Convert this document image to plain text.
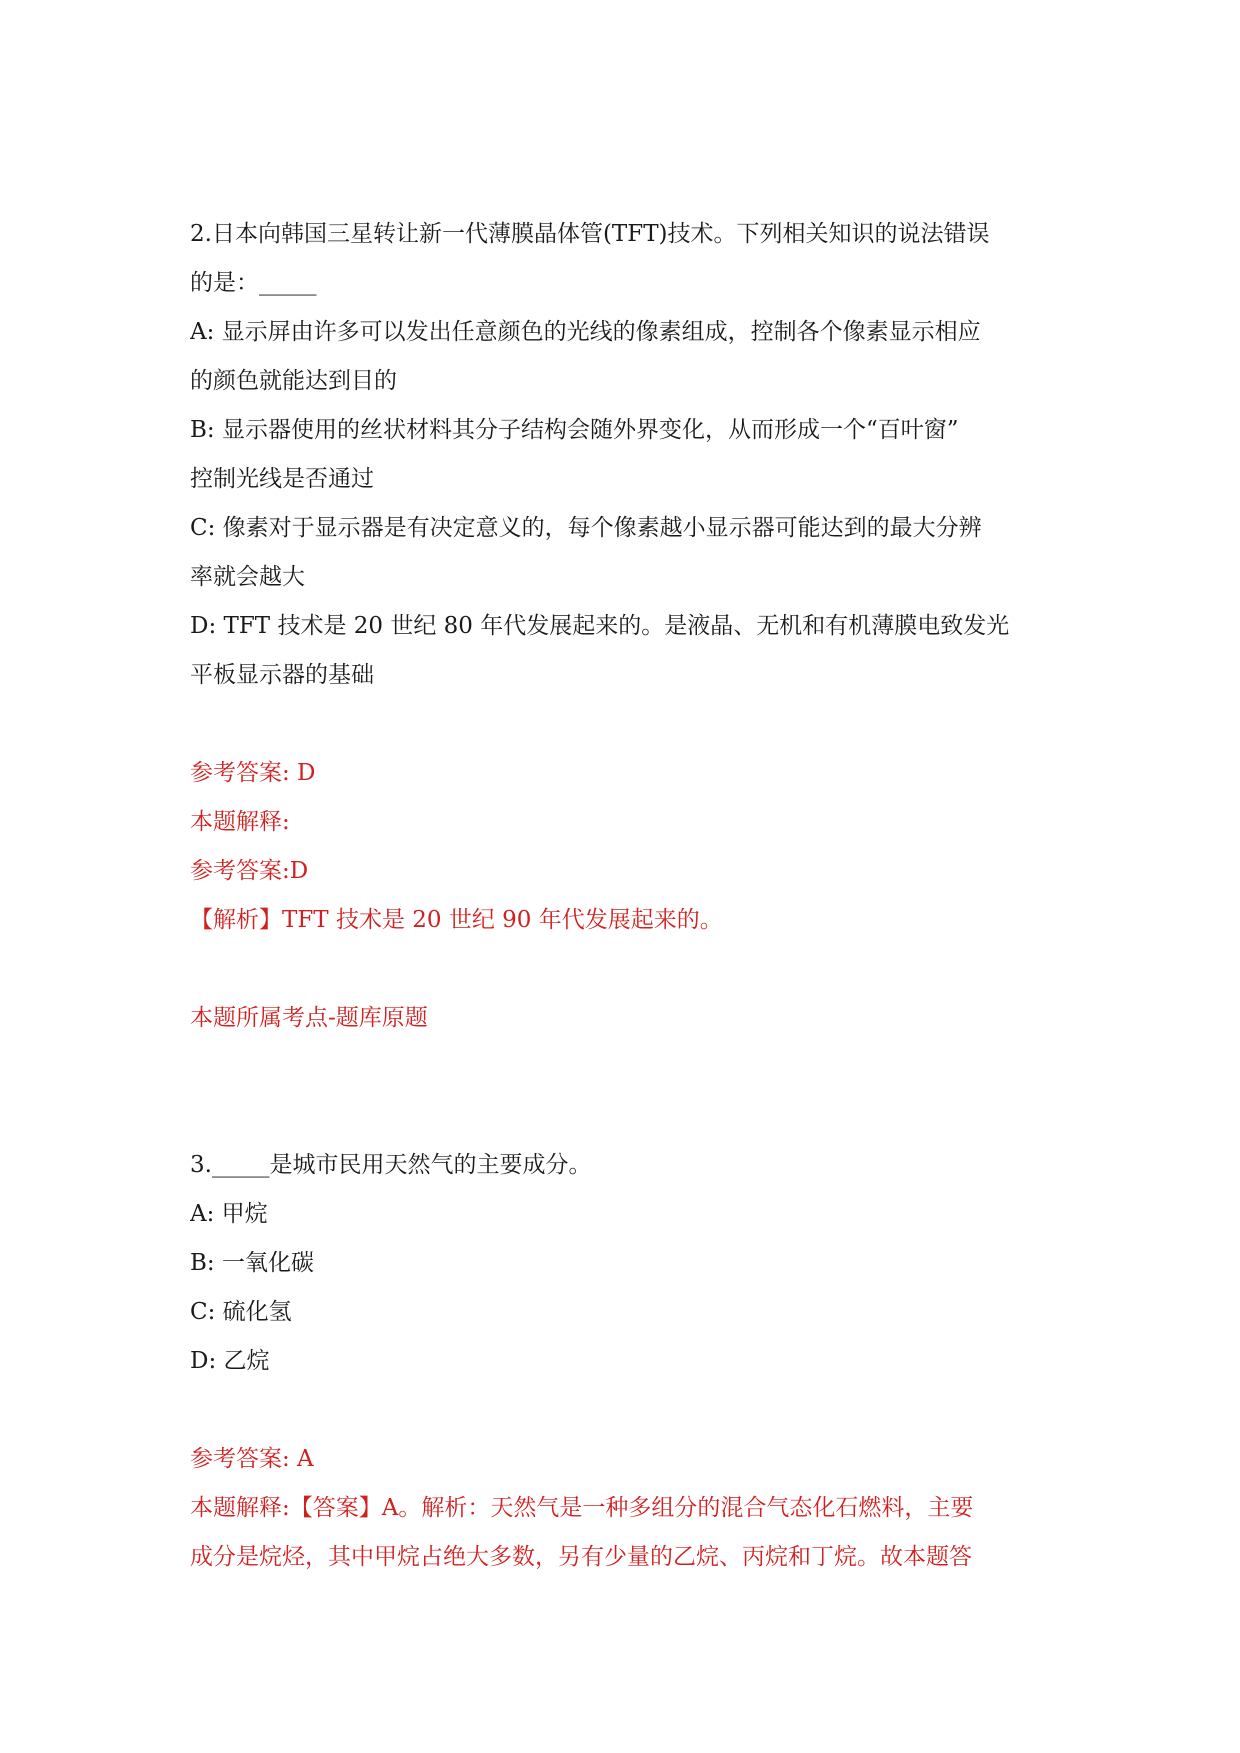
2.日本向韩国三星转让新一代薄膜晶体管(TFT)技术。下列相关知识的说法错误
的是：_____
A: 显示屏由许多可以发出任意颜色的光线的像素组成，控制各个像素显示相应
的颜色就能达到目的
B: 显示器使用的丝状材料其分子结构会随外界变化，从而形成一个“百叶窗”
控制光线是否通过
C: 像素对于显示器是有决定意义的，每个像素越小显示器可能达到的最大分辨
率就会越大
D: TFT 技术是 20 世纪 80 年代发展起来的。是液晶、无机和有机薄膜电致发光
平板显示器的基础
参考答案: D
本题解释:
参考答案:D
【解析】TFT 技术是 20 世纪 90 年代发展起来的。
本题所属考点-题库原题
3._____是城市民用天然气的主要成分。
A: 甲烷
B: 一氧化碳
C: 硫化氢
D: 乙烷
参考答案: A
本题解释:【答案】A。解析：天然气是一种多组分的混合气态化石燃料，主要
成分是烷烃，其中甲烷占绝大多数，另有少量的乙烷、丙烷和丁烷。故本题答
